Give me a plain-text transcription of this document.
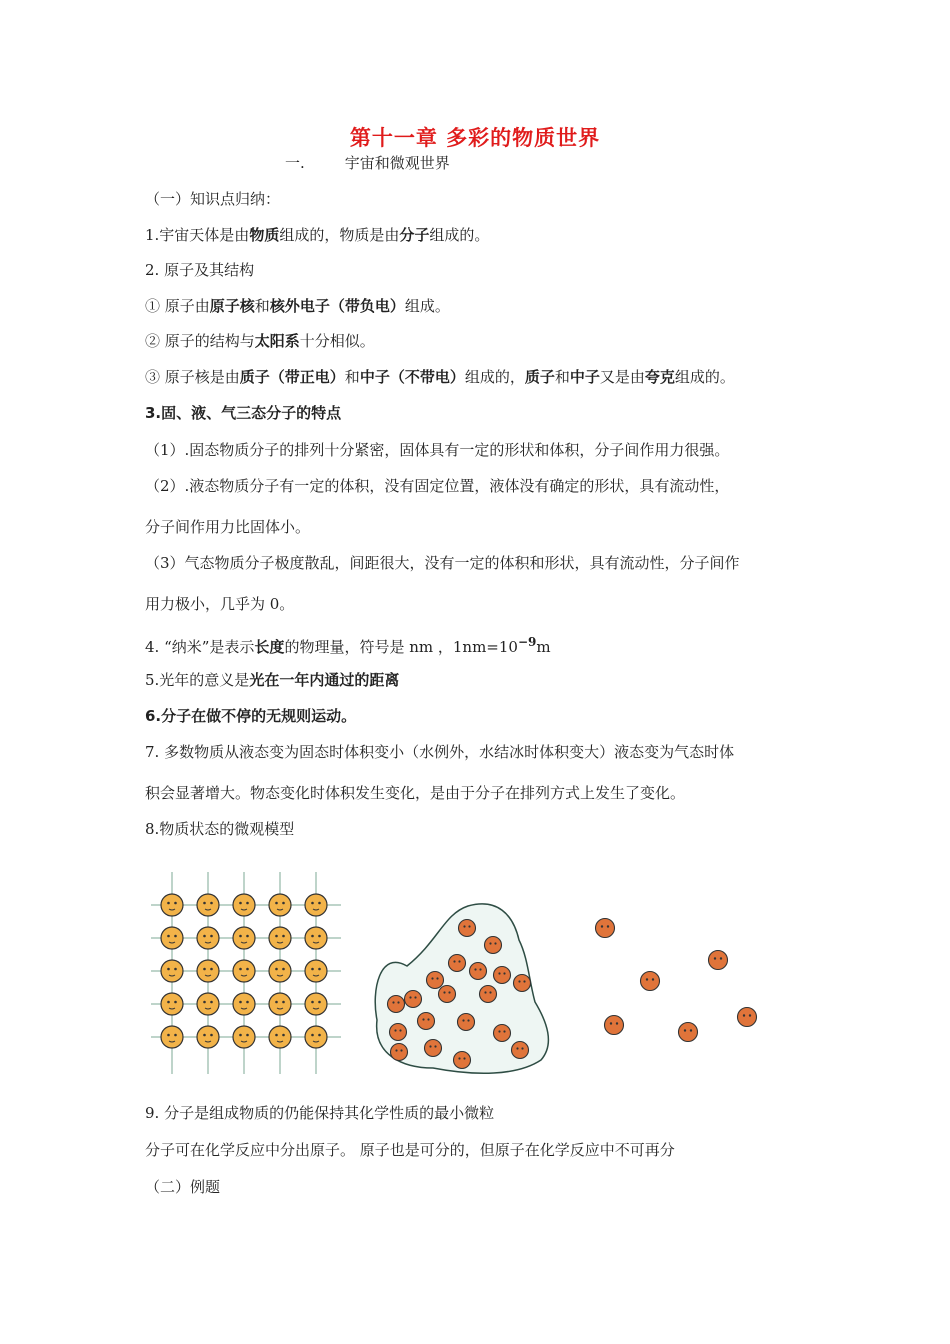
第十一章 多彩的物质世界
一.	宇宙和微观世界
（一）知识点归纳：
1.宇宙天体是由物质组成的，物质是由分子组成的。
2. 原子及其结构
① 原子由原子核和核外电子（带负电）组成。
② 原子的结构与太阳系十分相似。
③ 原子核是由质子（带正电）和中子（不带电）组成的，质子和中子又是由夸克组成的。
3.固、液、气三态分子的特点
（1）.固态物质分子的排列十分紧密，固体具有一定的形状和体积，分子间作用力很强。
（2）.液态物质分子有一定的体积，没有固定位置，液体没有确定的形状，具有流动性，
分子间作用力比固体小。
（3）气态物质分子极度散乱，间距很大，没有一定的体积和形状，具有流动性，分子间作
用力极小，几乎为 0。
4. “纳米”是表示长度的物理量，符号是 nm ，$1nm=10^{-9}m$
5.光年的意义是光在一年内通过的距离
6.分子在做不停的无规则运动。
7. 多数物质从液态变为固态时体积变小（水例外，水结冰时体积变大）液态变为气态时体
积会显著增大。物态变化时体积发生变化，是由于分子在排列方式上发生了变化。
8.物质状态的微观模型
9. 分子是组成物质的仍能保持其化学性质的最小微粒
分子可在化学反应中分出原子。 原子也是可分的，但原子在化学反应中不可再分
（二）例题
